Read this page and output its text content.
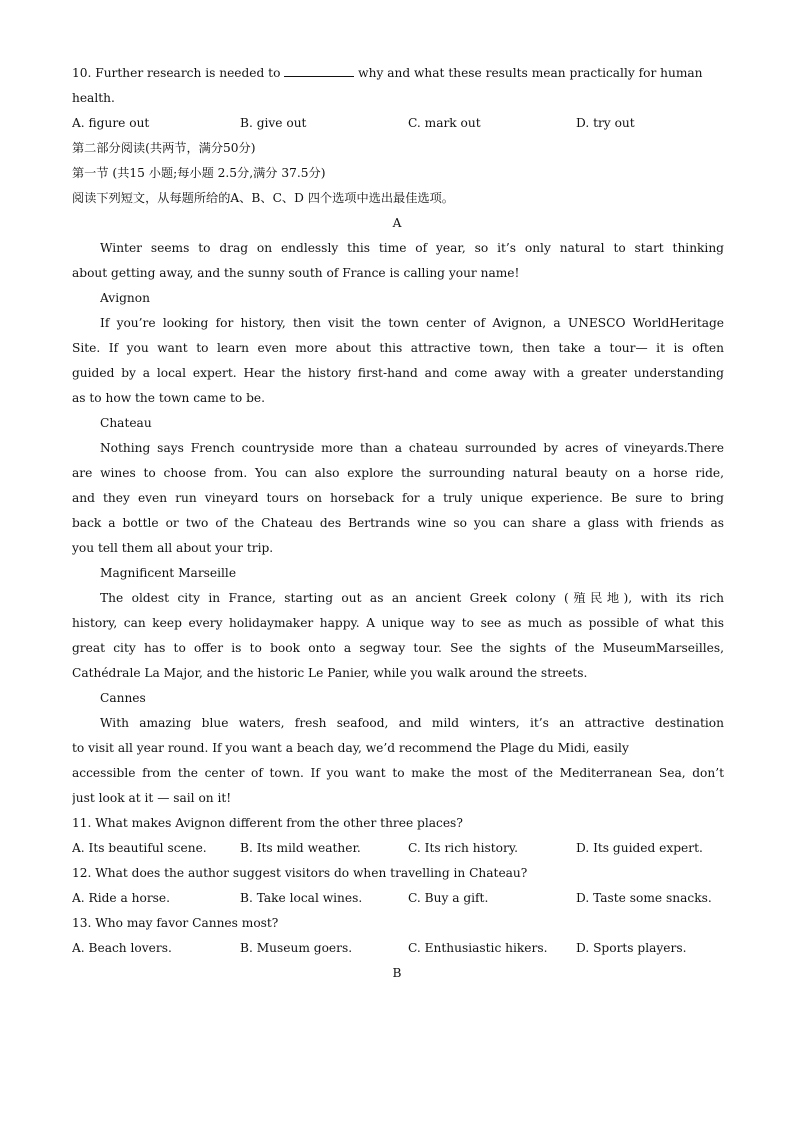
10. Further research is needed to	why and what these results mean practically for human
health.
A. figure out	B. give out	C. mark out	D. try out
第二部分阅读(共两节，满分50分)
第一节 (共15 小题;每小题 2.5分,满分 37.5分)
阅读下列短文，从每题所给的A、B、C、D 四个选项中选出最佳选项。
A
Winter seems to drag on endlessly this time of year, so it’s only natural to start thinking
about getting away, and the sunny south of France is calling your name!
Avignon
If you’re looking for history, then visit the town center of Avignon, a UNESCO WorldHeritage
Site. If you want to learn even more about this attractive town, then take a tour— it is often
guided by a local expert. Hear the history first-hand and come away with a greater understanding
as to how the town came to be.
Chateau
Nothing says French countryside more than a chateau surrounded by acres of vineyards.There
are wines to choose from. You can also explore the surrounding natural beauty on a horse ride,
and they even run vineyard tours on horseback for a truly unique experience. Be sure to bring
back a bottle or two of the Chateau des Bertrands wine so you can share a glass with friends as
you tell them all about your trip.
Magnificent Marseille
The oldest city in France, starting out as an ancient Greek colony (殖民地), with its rich
history, can keep every holidaymaker happy. A unique way to see as much as possible of what this
great city has to offer is to book onto a segway tour. See the sights of the MuseumMarseilles,
Cathédrale La Major, and the historic Le Panier, while you walk around the streets.
Cannes
With amazing blue waters, fresh seafood, and mild winters, it’s an attractive destination
to visit all year round. If you want a beach day, we’d recommend the Plage du Midi, easily
accessible from the center of town. If you want to make the most of the Mediterranean Sea, don’t
just look at it — sail on it!
11. What makes Avignon different from the other three places?
A. Its beautiful scene.	B. Its mild weather.	C. Its rich history.	D. Its guided expert.
12. What does the author suggest visitors do when travelling in Chateau?
A. Ride a horse.	B. Take local wines.	C. Buy a gift.	D. Taste some snacks.
13. Who may favor Cannes most?
A. Beach lovers.	B. Museum goers.	C. Enthusiastic hikers. D. Sports players.
B
